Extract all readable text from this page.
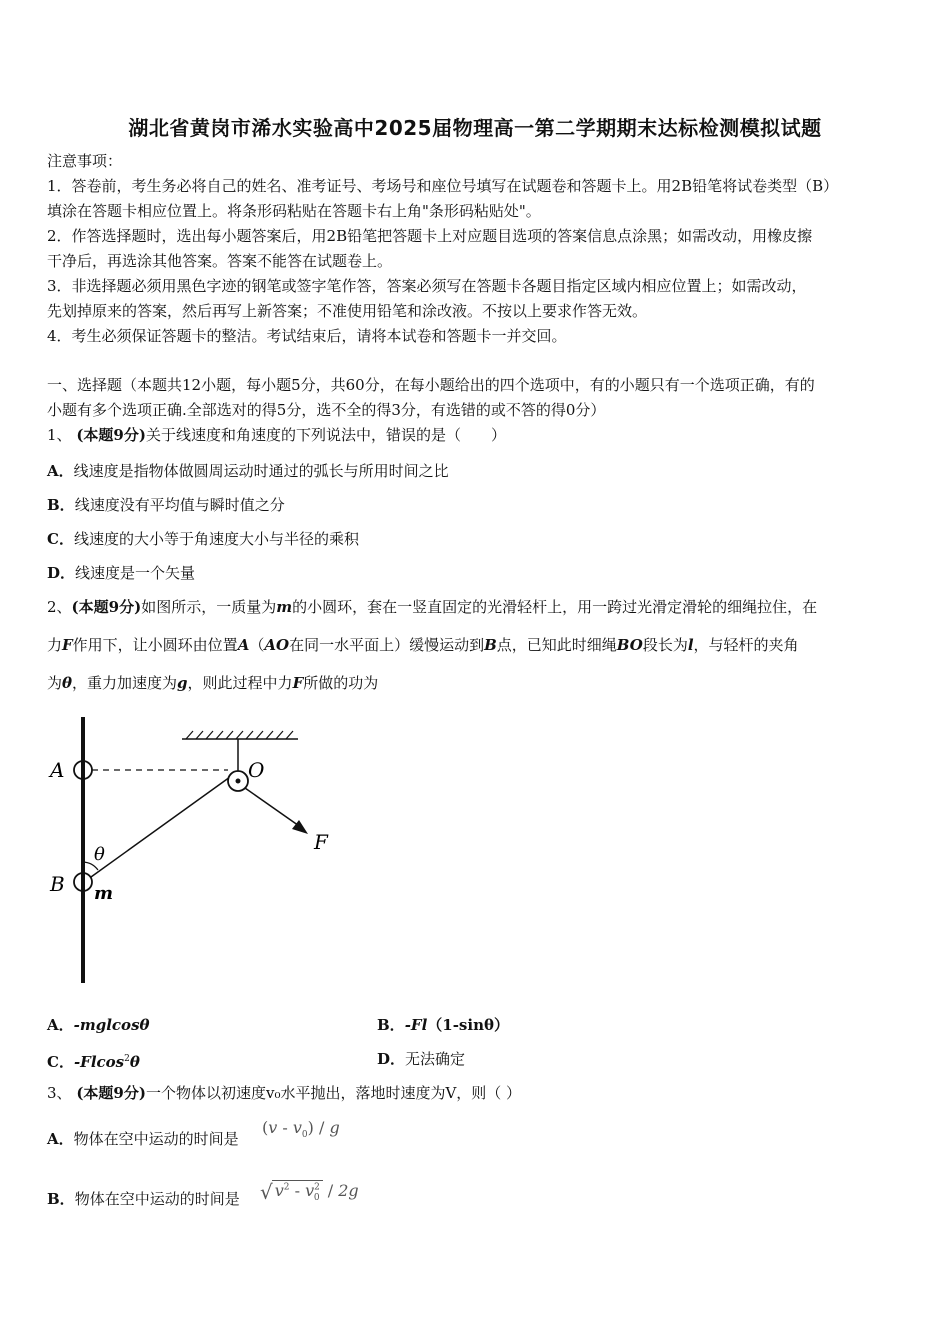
湖北省黄岗市浠水实验高中2025届物理高一第二学期期末达标检测模拟试题
注意事项：
1．答卷前，考生务必将自己的姓名、准考证号、考场号和座位号填写在试题卷和答题卡上。用2B铅笔将试卷类型（B）
填涂在答题卡相应位置上。将条形码粘贴在答题卡右上角"条形码粘贴处"。
2．作答选择题时，选出每小题答案后，用2B铅笔把答题卡上对应题目选项的答案信息点涂黑；如需改动，用橡皮擦
干净后，再选涂其他答案。答案不能答在试题卷上。
3．非选择题必须用黑色字迹的钢笔或签字笔作答，答案必须写在答题卡各题目指定区域内相应位置上；如需改动，
先划掉原来的答案，然后再写上新答案；不准使用铅笔和涂改液。不按以上要求作答无效。
4．考生必须保证答题卡的整洁。考试结束后，请将本试卷和答题卡一并交回。
一、选择题（本题共12小题，每小题5分，共60分，在每小题给出的四个选项中，有的小题只有一个选项正确，有的
小题有多个选项正确.全部选对的得5分，选不全的得3分，有选错的或不答的得0分）
1、 (本题9分)关于线速度和角速度的下列说法中，错误的是（　　）
A．线速度是指物体做圆周运动时通过的弧长与所用时间之比
B．线速度没有平均值与瞬时值之分
C．线速度的大小等于角速度大小与半径的乘积
D．线速度是一个矢量
2、(本题9分)如图所示，一质量为m的小圆环，套在一竖直固定的光滑轻杆上，用一跨过光滑定滑轮的细绳拉住，在
力F作用下，让小圆环由位置A（AO在同一水平面上）缓慢运动到B点，已知此时细绳BO段长为l，与轻杆的夹角
为θ，重力加速度为g，则此过程中力F所做的功为
A
B
O
F
m
θ
A．-mglcosθ	B．-Fl（1-sinθ）
C．-Flcos$^2$θ	D．无法确定
3、 (本题9分)一个物体以初速度v₀水平抛出，落地时速度为V，则（ ）
A．物体在空中运动的时间是
$(v - v_0)$ / g
B．物体在空中运动的时间是 √ $v^2 - v^2_0 / 2g$
